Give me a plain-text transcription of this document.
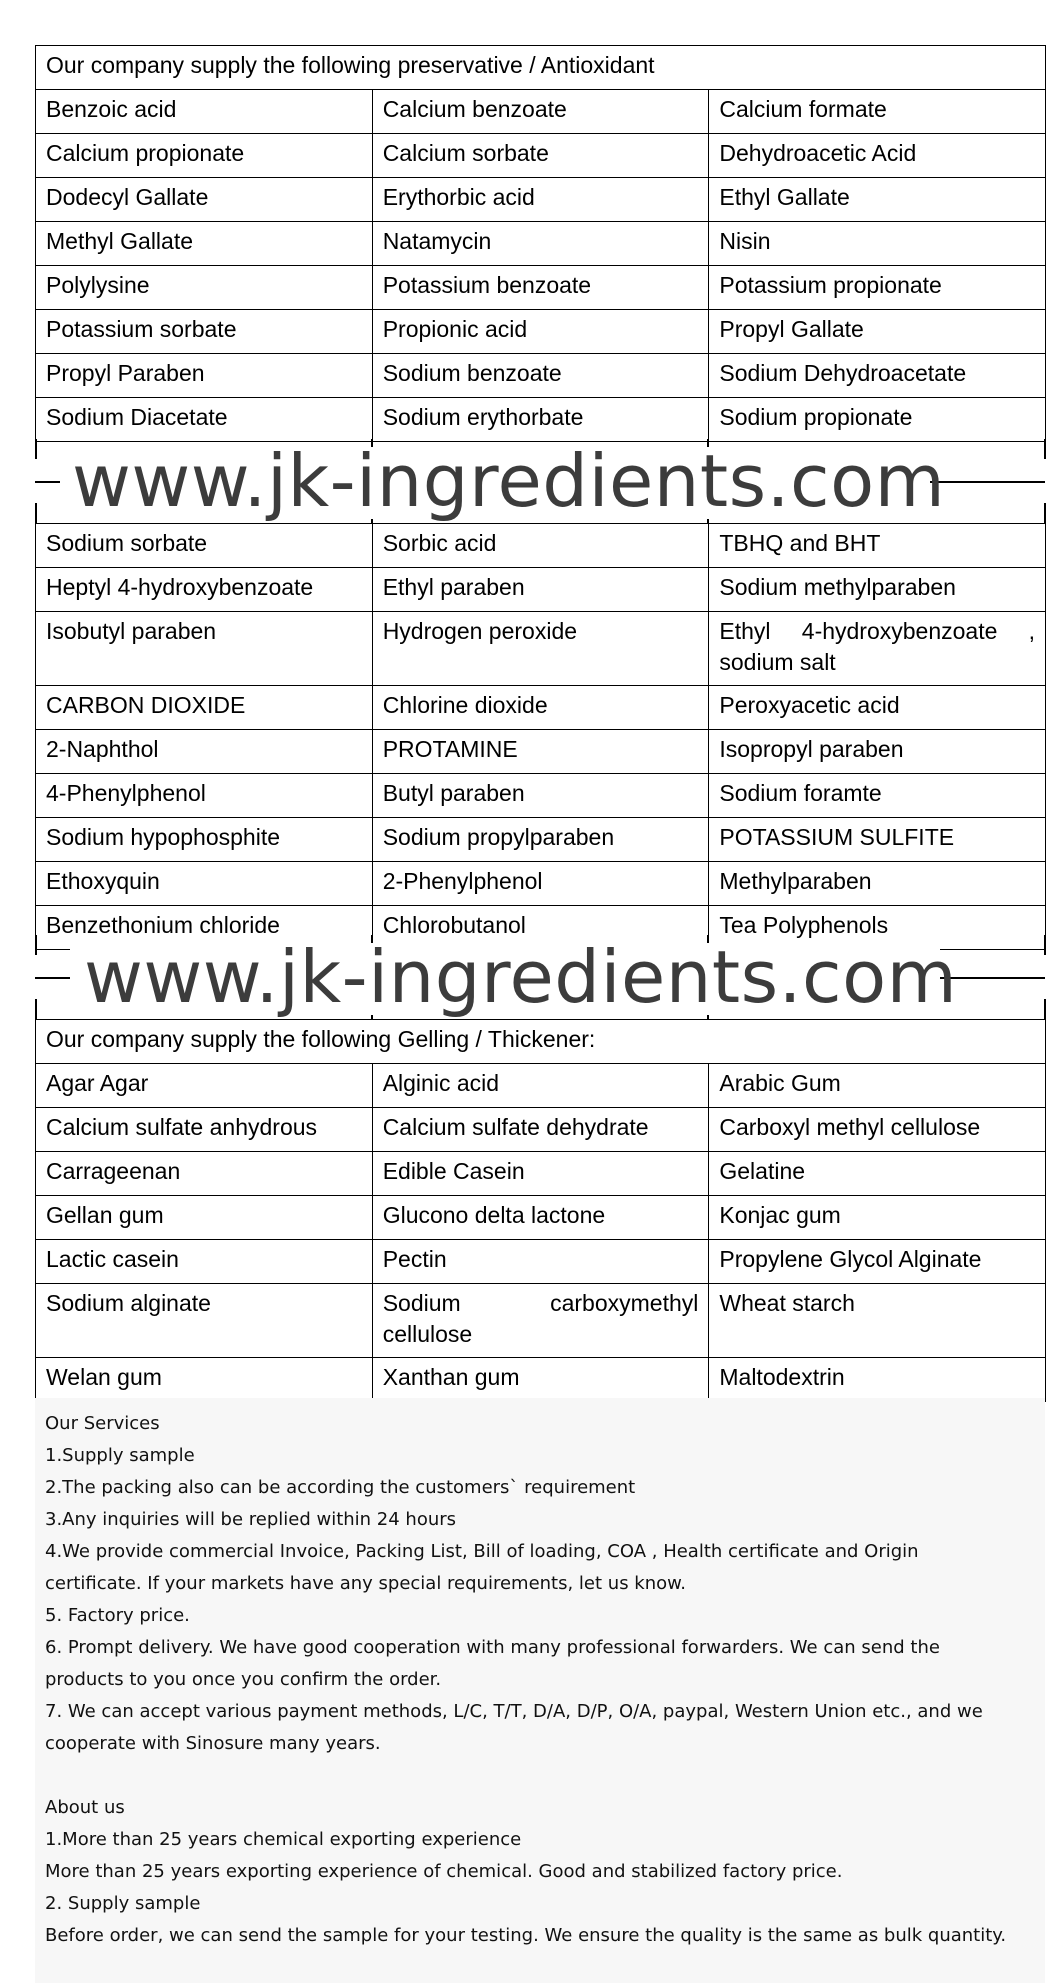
Our company supply the following preservative / Antioxidant		
Benzoic acid	Calcium benzoate	Calcium formate
Calcium propionate	Calcium sorbate	Dehydroacetic Acid
Dodecyl Gallate	Erythorbic acid	Ethyl Gallate
Methyl Gallate	Natamycin	Nisin
Polylysine	Potassium benzoate	Potassium propionate
Potassium sorbate	Propionic acid	Propyl Gallate
Propyl Paraben	Sodium benzoate	Sodium Dehydroacetate
Sodium Diacetate	Sodium erythorbate	Sodium propionate
www.jk-ingredients.com
Sodium sorbate	Sorbic acid	TBHQ and BHT
Heptyl 4-hydroxybenzoate	Ethyl paraben	Sodium methylparaben
Isobutyl paraben	Hydrogen peroxide	Ethyl 4-hydroxybenzoate , sodium salt
CARBON DIOXIDE	Chlorine dioxide	Peroxyacetic acid
2-Naphthol	PROTAMINE	Isopropyl paraben
4-Phenylphenol	Butyl paraben	Sodium foramte
Sodium hypophosphite	Sodium propylparaben	POTASSIUM SULFITE
Ethoxyquin	2-Phenylphenol	Methylparaben
Benzethonium chloride	Chlorobutanol	Tea Polyphenols
www.jk-ingredients.com
Our company supply the following Gelling / Thickener:		
Agar Agar	Alginic acid	Arabic Gum
Calcium sulfate anhydrous	Calcium sulfate dehydrate	Carboxyl methyl cellulose
Carrageenan	Edible Casein	Gelatine
Gellan gum	Glucono delta lactone	Konjac gum
Lactic casein	Pectin	Propylene Glycol Alginate
Sodium alginate	Sodium carboxymethyl cellulose	Wheat starch
Welan gum	Xanthan gum	Maltodextrin

Our Services

1.Supply sample

2.The packing also can be according the customers` requirement

3.Any inquiries will be replied within 24 hours

4.We provide commercial Invoice, Packing List, Bill of loading, COA , Health certificate and Origin certificate. If your markets have any special requirements, let us know.

5. Factory price.

6. Prompt delivery. We have good cooperation with many professional forwarders. We can send the products to you once you confirm the order.

7. We can accept various payment methods, L/C, T/T, D/A, D/P, O/A, paypal, Western Union etc., and we cooperate with Sinosure many years.

About us

1.More than 25 years chemical exporting experience

More than 25 years exporting experience of chemical. Good and stabilized factory price.

2. Supply sample

Before order, we can send the sample for your testing. We ensure the quality is the same as bulk quantity.
